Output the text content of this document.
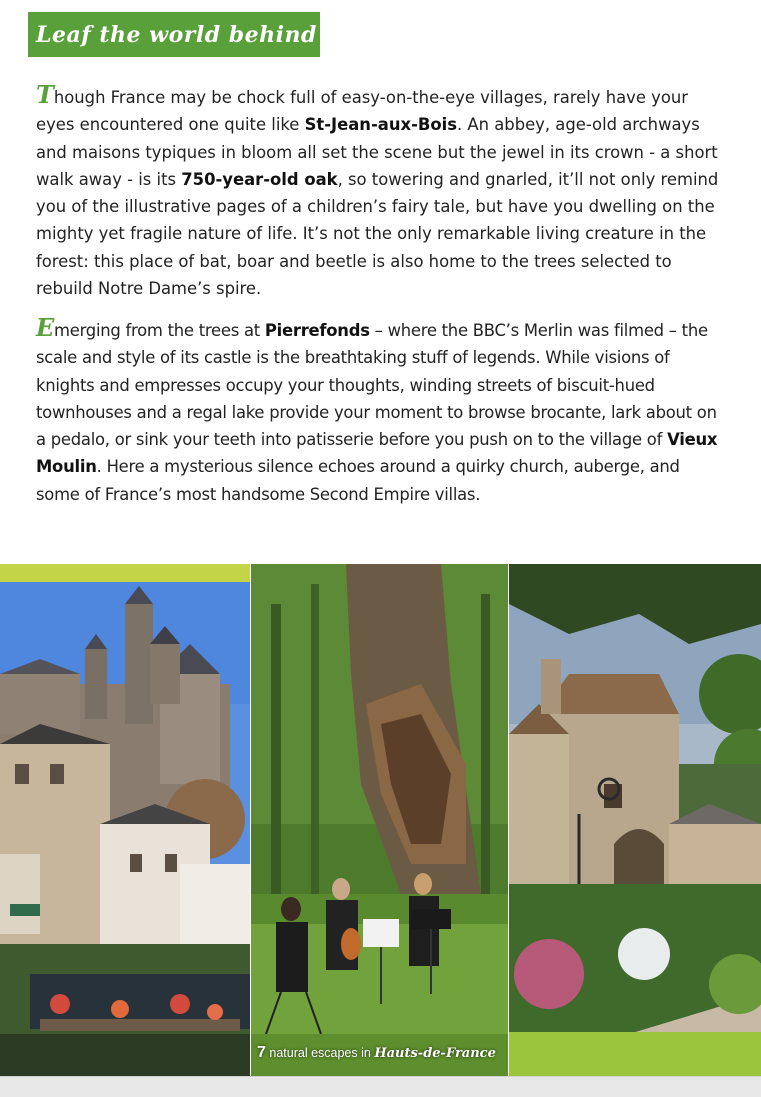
Leaf the world behind

Though France may be chock full of easy-on-the-eye villages, rarely have your eyes encountered one quite like St-Jean-aux-Bois. An abbey, age-old archways and maisons typiques in bloom all set the scene but the jewel in its crown - a short walk away - is its 750-year-old oak, so towering and gnarled, it’ll not only remind you of the illustrative pages of a children’s fairy tale, but have you dwelling on the mighty yet fragile nature of life. It’s not the only remarkable living creature in the forest: this place of bat, boar and beetle is also home to the trees selected to rebuild Notre Dame’s spire.

Emerging from the trees at Pierrefonds – where the BBC’s Merlin was filmed – the scale and style of its castle is the breathtaking stuff of legends. While visions of knights and empresses occupy your thoughts, winding streets of biscuit-hued townhouses and a regal lake provide your moment to browse brocante, lark about on a pedalo, or sink your teeth into patisserie before you push on to the village of Vieux Moulin. Here a mysterious silence echoes around a quirky church, auberge, and some of France’s most handsome Second Empire villas.

7 natural escapes in Hauts-de-France
